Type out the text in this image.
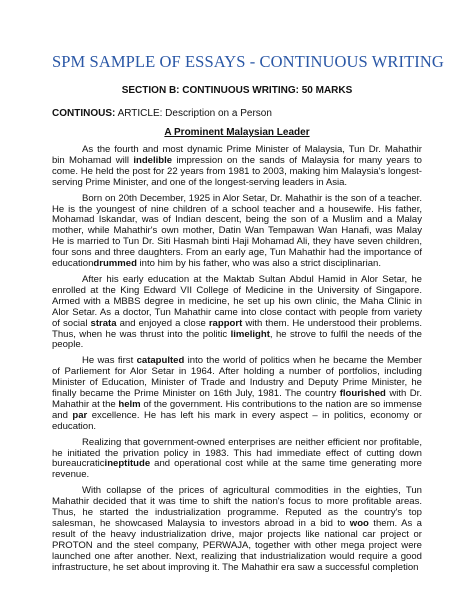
SPM SAMPLE OF ESSAYS - CONTINUOUS WRITING
SECTION B: CONTINUOUS WRITING: 50 MARKS
CONTINOUS: ARTICLE: Description on a Person
A Prominent Malaysian Leader

As the fourth and most dynamic Prime Minister of Malaysia, Tun Dr. Mahathir bin Mohamad will indelible impression on the sands of Malaysia for many years to come. He held the post for 22 years from 1981 to 2003, making him Malaysia's longest-serving Prime Minister, and one of the longest-serving leaders in Asia.

Born on 20th December, 1925 in Alor Setar, Dr. Mahathir is the son of a teacher. He is the youngest of nine children of a school teacher and a housewife. His father, Mohamad Iskandar, was of Indian descent, being the son of a Muslim and a Malay mother, while Mahathir's own mother, Datin Wan Tempawan Wan Hanafi, was Malay He is married to Tun Dr. Siti Hasmah binti Haji Mohamad Ali, they have seven children, four sons and three daughters. From an early age, Tun Mahathir had the importance of educationdrummed into him by his father, who was also a strict disciplinarian.

After his early education at the Maktab Sultan Abdul Hamid in Alor Setar, he enrolled at the King Edward VII College of Medicine in the University of Singapore. Armed with a MBBS degree in medicine, he set up his own clinic, the Maha Clinic in Alor Setar. As a doctor, Tun Mahathir came into close contact with people from variety of social strata and enjoyed a close rapport with them. He understood their problems. Thus, when he was thrust into the politic limelight, he strove to fulfil the needs of the people.

He was first catapulted into the world of politics when he became the Member of Parliement for Alor Setar in 1964. After holding a number of portfolios, including Minister of Education, Minister of Trade and Industry and Deputy Prime Minister, he finally became the Prime Minister on 16th July, 1981. The country flourished with Dr. Mahathir at the helm of the government. His contributions to the nation are so immense and par excellence. He has left his mark in every aspect – in politics, economy or education.

Realizing that government-owned enterprises are neither efficient nor profitable, he initiated the privation policy in 1983. This had immediate effect of cutting down bureaucraticineptitude and operational cost while at the same time generating more revenue.

With collapse of the prices of agricultural commodities in the eighties, Tun Mahathir decided that it was time to shift the nation's focus to more profitable areas. Thus, he started the industrialization programme. Reputed as the country's top salesman, he showcased Malaysia to investors abroad in a bid to woo them. As a result of the heavy industrialization drive, major projects like national car project or PROTON and the steel company, PERWAJA, together with other mega project were launched one after another. Next, realizing that industrialization would require a good infrastructure, he set about improving it. The Mahathir era saw a successful completion
